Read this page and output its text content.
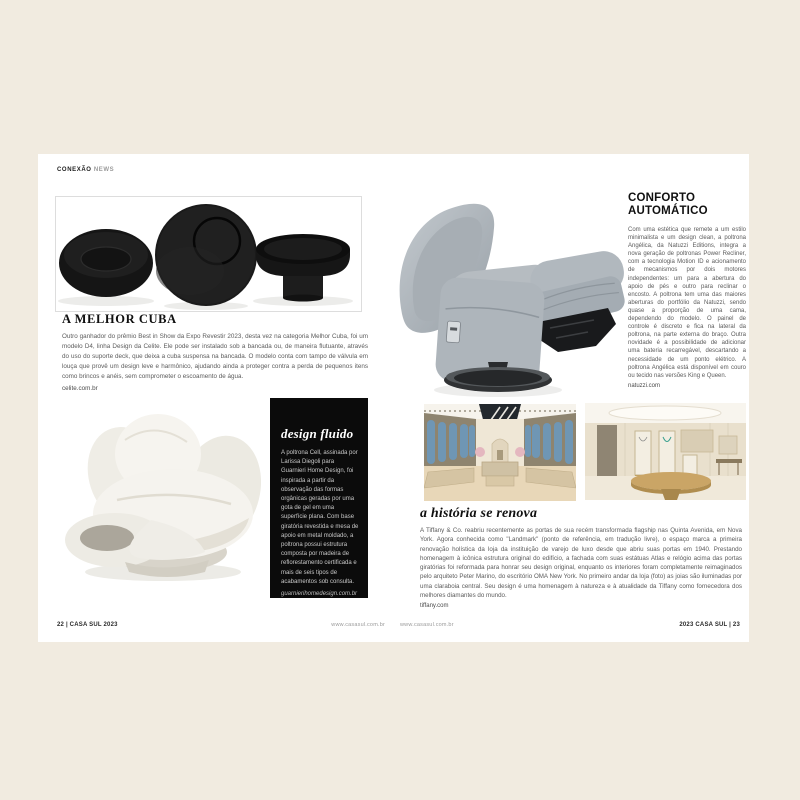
CONEXÃO NEWS
A MELHOR CUBA
Outro ganhador do prêmio Best in Show da Expo Revestir 2023, desta vez na categoria Melhor Cuba, foi um modelo D4, linha Design da Celite. Ele pode ser instalado sob a bancada ou, de maneira flutuante, através do uso do suporte deck, que deixa a cuba suspensa na bancada. O modelo conta com tampo de válvula em louça que provê um design leve e harmônico, ajudando ainda a proteger contra a perda de pequenos itens como brincos e anéis, sem comprometer o escoamento de água.
celite.com.br
design fluido
A poltrona Cell, assinada por Larissa Diegoli para Guarnieri Home Design, foi inspirada a partir da observação das formas orgânicas geradas por uma gota de gel em uma superfície plana. Com base giratória revestida e mesa de apoio em metal moldado, a poltrona possui estrutura composta por madeira de reflorestamento certificada e mais de seis tipos de acabamentos sob consulta.
guarnierihomedesign.com.br
22 | CASA SUL 2023	www.casasul.com.br
CONFORTO AUTOMÁTICO
Com uma estética que remete a um estilo minimalista e um design clean, a poltrona Angélica, da Natuzzi Editions, integra a nova geração de poltronas Power Recliner, com a tecnologia Motion ID e acionamento de mecanismos por dois motores independentes: um para a abertura do apoio de pés e outro para reclinar o encosto. A poltrona tem uma das maiores aberturas do portfólio da Natuzzi, sendo quase a proporção de uma cama, dependendo do modelo. O painel de controle é discreto e fica na lateral da poltrona, na parte externa do braço. Outra novidade é a possibilidade de adicionar uma bateria recarregável, descartando a necessidade de um ponto elétrico. A poltrona Angélica está disponível em couro ou tecido nas versões King e Queen.
natuzzi.com
a história se renova
A Tiffany & Co. reabriu recentemente as portas de sua recém transformada flagship nas Quinta Avenida, em Nova York. Agora conhecida como "Landmark" (ponto de referência, em tradução livre), o espaço marca a primeira renovação holística da loja da instituição de varejo de luxo desde que abriu suas portas em 1940. Prestando homenagem à icônica estrutura original do edifício, a fachada com suas estátuas Atlas e relógio acima das portas giratórias foi reformada para honrar seu design original, enquanto os interiores foram completamente reimaginados pelo arquiteto Peter Marino, do escritório OMA New York. No primeiro andar da loja (foto) as joias são iluminadas por uma claraboia central. Seu design é uma homenagem à natureza e à atualidade da Tiffany como fornecedora dos melhores diamantes do mundo.
tiffany.com
www.casasul.com.br	2023 CASA SUL | 23
